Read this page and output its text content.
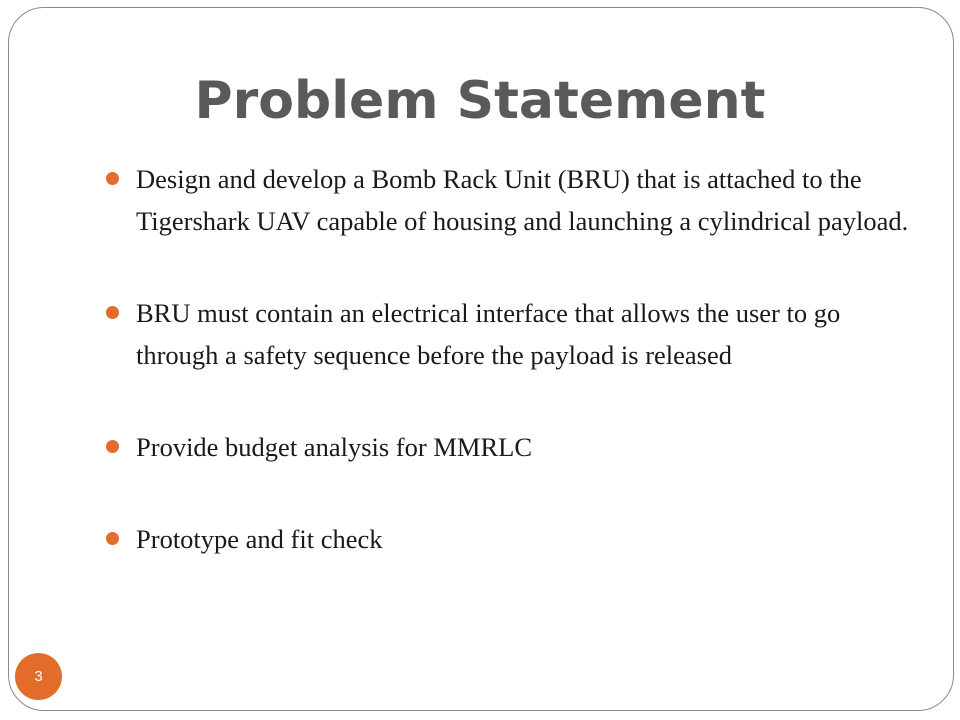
Problem Statement
Design and develop a Bomb Rack Unit (BRU) that is attached to the Tigershark UAV capable of housing and launching a cylindrical payload.
BRU must contain an electrical interface that allows the user to go through a safety sequence before the payload is released
Provide budget analysis for MMRLC
Prototype and fit check
3
